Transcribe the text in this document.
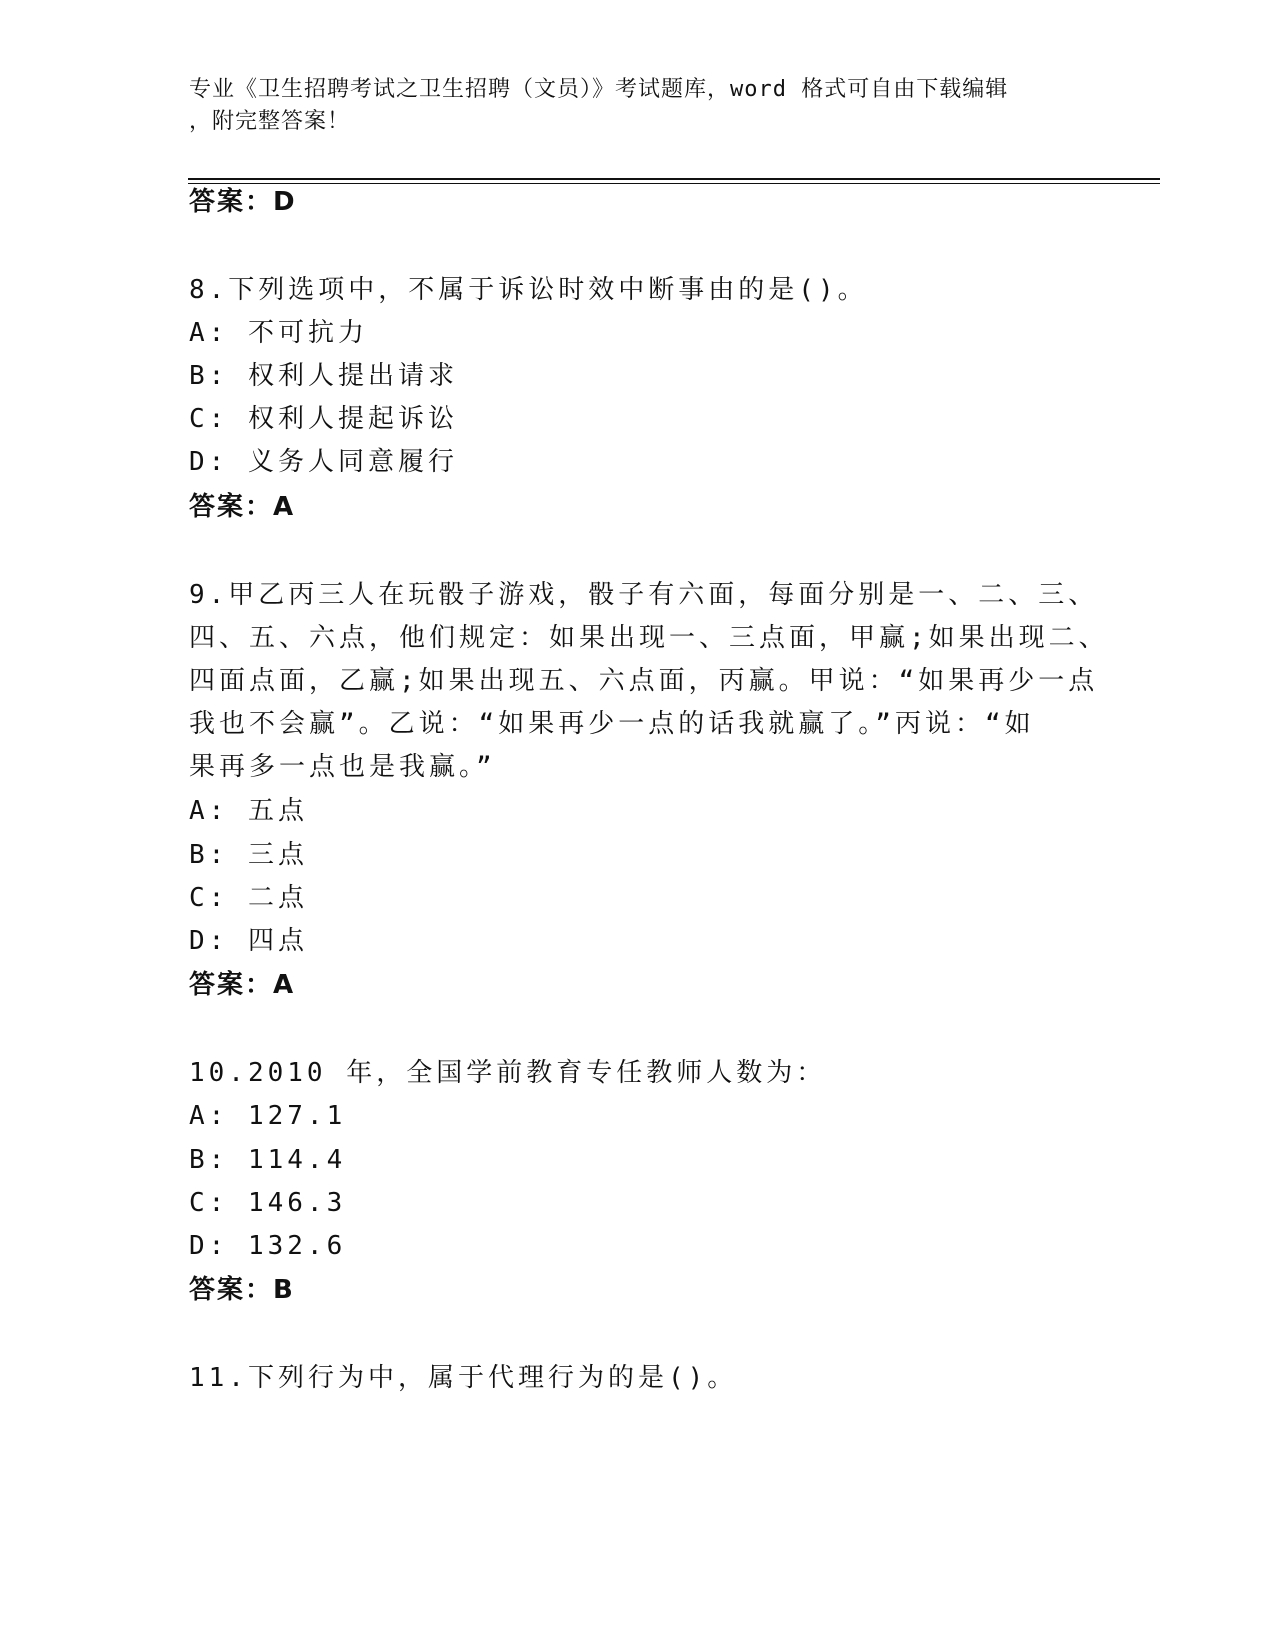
专业《卫生招聘考试之卫生招聘（文员）》考试题库，word 格式可自由下载编辑
，附完整答案！
答案：D
8.下列选项中，不属于诉讼时效中断事由的是()。
A: 不可抗力
B: 权利人提出请求
C: 权利人提起诉讼
D: 义务人同意履行
答案：A
9.甲乙丙三人在玩骰子游戏，骰子有六面，每面分别是一、二、三、
四、五、六点，他们规定：如果出现一、三点面，甲赢;如果出现二、
四面点面，乙赢;如果出现五、六点面，丙赢。甲说：“如果再少一点
我也不会赢”。乙说：“如果再少一点的话我就赢了。”丙说：“如
果再多一点也是我赢。”
A: 五点
B: 三点
C: 二点
D: 四点
答案：A
10.2010 年，全国学前教育专任教师人数为：
A: 127.1
B: 114.4
C: 146.3
D: 132.6
答案：B
11.下列行为中，属于代理行为的是()。
